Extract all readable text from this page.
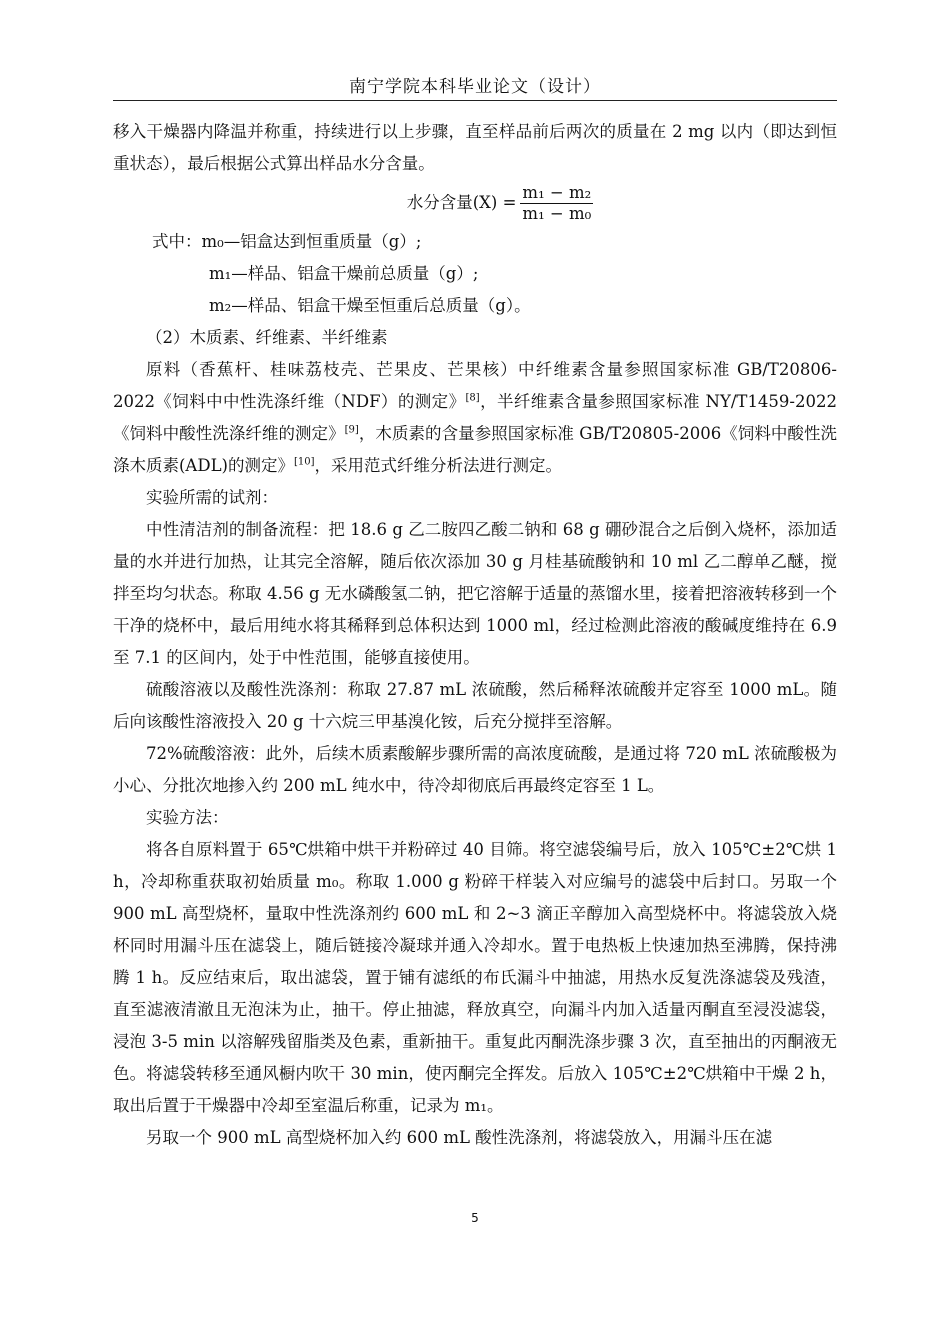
南宁学院本科毕业论文（设计）

移入干燥器内降温并称重，持续进行以上步骤，直至样品前后两次的质量在 2 mg 以内（即达到恒重状态），最后根据公式算出样品水分含量。

水分含量$(X) = \frac{\text{m₁ − m₂}}{\text{m₁ − m₀}}$

式中：m₀—铝盒达到恒重质量（g）;

m₁—样品、铝盒干燥前总质量（g）;

m₂—样品、铝盒干燥至恒重后总质量（g）。

（2）木质素、纤维素、半纤维素

原料（香蕉杆、桂味荔枝壳、芒果皮、芒果核）中纤维素含量参照国家标准 GB/T20806-2022《饲料中中性洗涤纤维（NDF）的测定》[8]，半纤维素含量参照国家标准 NY/T1459-2022《饲料中酸性洗涤纤维的测定》[9]，木质素的含量参照国家标准 GB/T20805-2006《饲料中酸性洗涤木质素(ADL)的测定》[10]，采用范式纤维分析法进行测定。

实验所需的试剂：

中性清洁剂的制备流程：把 18.6 g 乙二胺四乙酸二钠和 68 g 硼砂混合之后倒入烧杯，添加适量的水并进行加热，让其完全溶解，随后依次添加 30 g 月桂基硫酸钠和 10 ml 乙二醇单乙醚，搅拌至均匀状态。称取 4.56 g 无水磷酸氢二钠，把它溶解于适量的蒸馏水里，接着把溶液转移到一个干净的烧杯中，最后用纯水将其稀释到总体积达到 1000 ml，经过检测此溶液的酸碱度维持在 6.9 至 7.1 的区间内，处于中性范围，能够直接使用。

硫酸溶液以及酸性洗涤剂：称取 27.87 mL 浓硫酸，然后稀释浓硫酸并定容至 1000 mL。随后向该酸性溶液投入 20 g 十六烷三甲基溴化铵，后充分搅拌至溶解。

72%硫酸溶液：此外，后续木质素酸解步骤所需的高浓度硫酸，是通过将 720 mL 浓硫酸极为小心、分批次地掺入约 200 mL 纯水中，待冷却彻底后再最终定容至 1 L。

实验方法：

将各自原料置于 65℃烘箱中烘干并粉碎过 40 目筛。将空滤袋编号后，放入 105℃±2℃烘 1 h，冷却称重获取初始质量 m₀。称取 1.000 g 粉碎干样装入对应编号的滤袋中后封口。另取一个 900 mL 高型烧杯，量取中性洗涤剂约 600 mL 和 2~3 滴正辛醇加入高型烧杯中。将滤袋放入烧杯同时用漏斗压在滤袋上，随后链接冷凝球并通入冷却水。置于电热板上快速加热至沸腾，保持沸腾 1 h。反应结束后，取出滤袋，置于铺有滤纸的布氏漏斗中抽滤，用热水反复洗涤滤袋及残渣，直至滤液清澈且无泡沫为止，抽干。停止抽滤，释放真空，向漏斗内加入适量丙酮直至浸没滤袋，浸泡 3-5 min 以溶解残留脂类及色素，重新抽干。重复此丙酮洗涤步骤 3 次，直至抽出的丙酮液无色。将滤袋转移至通风橱内吹干 30 min，使丙酮完全挥发。后放入 105℃±2℃烘箱中干燥 2 h，取出后置于干燥器中冷却至室温后称重，记录为 m₁。

另取一个 900 mL 高型烧杯加入约 600 mL 酸性洗涤剂，将滤袋放入，用漏斗压在滤

5
